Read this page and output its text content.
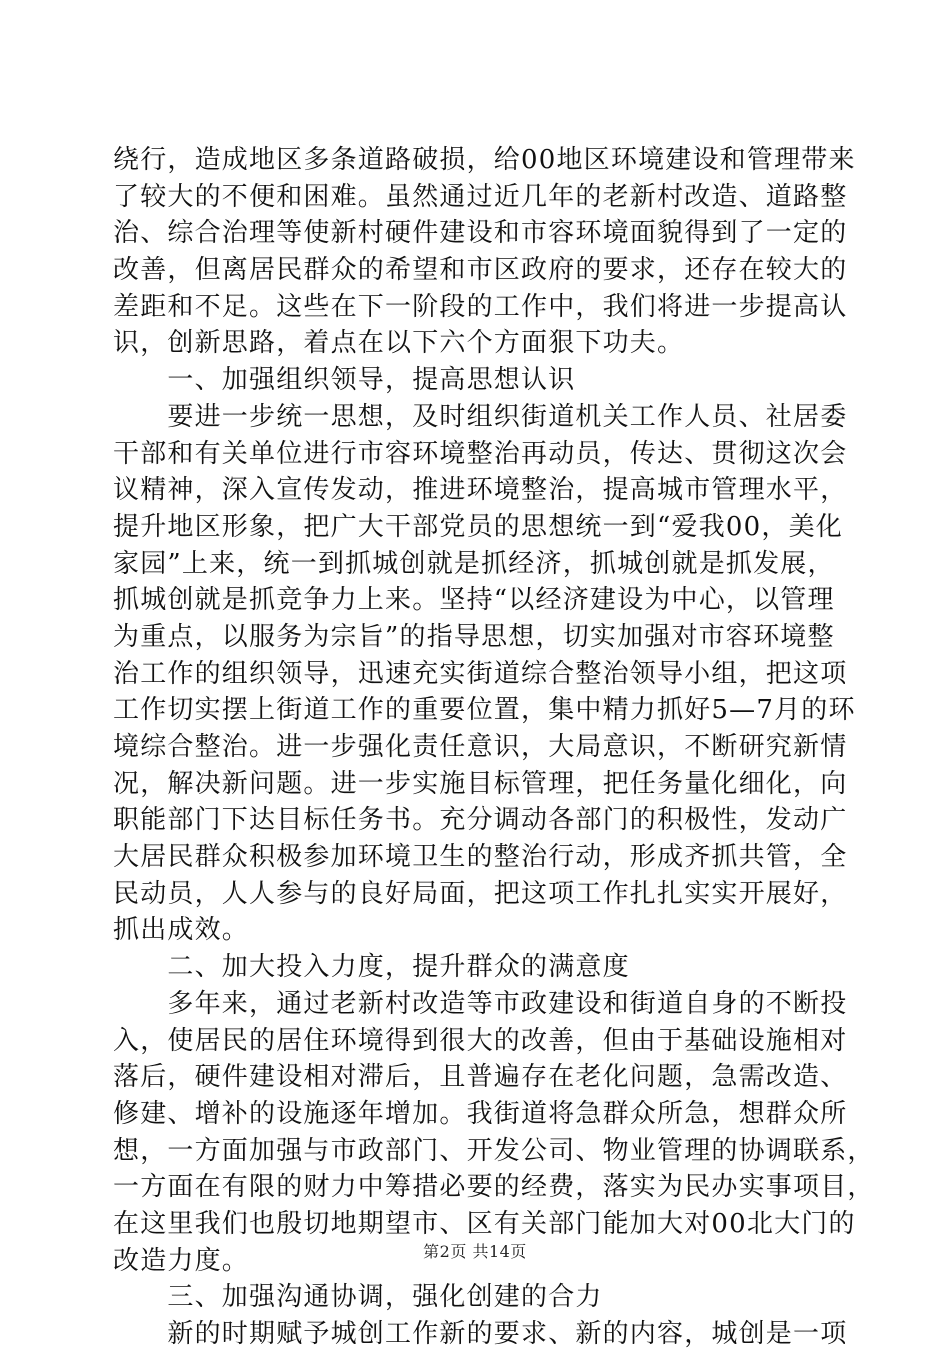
绕行，造成地区多条道路破损，给00地区环境建设和管理带来
了较大的不便和困难。虽然通过近几年的老新村改造、道路整
治、综合治理等使新村硬件建设和市容环境面貌得到了一定的
改善，但离居民群众的希望和市区政府的要求，还存在较大的
差距和不足。这些在下一阶段的工作中，我们将进一步提高认
识，创新思路，着点在以下六个方面狠下功夫。
　　一、加强组织领导，提高思想认识
　　要进一步统一思想，及时组织街道机关工作人员、社居委
干部和有关单位进行市容环境整治再动员，传达、贯彻这次会
议精神，深入宣传发动，推进环境整治，提高城市管理水平，
提升地区形象，把广大干部党员的思想统一到“爱我00，美化
家园”上来，统一到抓城创就是抓经济，抓城创就是抓发展，
抓城创就是抓竞争力上来。坚持“以经济建设为中心，以管理
为重点，以服务为宗旨”的指导思想，切实加强对市容环境整
治工作的组织领导，迅速充实街道综合整治领导小组，把这项
工作切实摆上街道工作的重要位置，集中精力抓好5—7月的环
境综合整治。进一步强化责任意识，大局意识，不断研究新情
况，解决新问题。进一步实施目标管理，把任务量化细化，向
职能部门下达目标任务书。充分调动各部门的积极性，发动广
大居民群众积极参加环境卫生的整治行动，形成齐抓共管，全
民动员，人人参与的良好局面，把这项工作扎扎实实开展好，
抓出成效。
　　二、加大投入力度，提升群众的满意度
　　多年来，通过老新村改造等市政建设和街道自身的不断投
入，使居民的居住环境得到很大的改善，但由于基础设施相对
落后，硬件建设相对滞后，且普遍存在老化问题，急需改造、
修建、增补的设施逐年增加。我街道将急群众所急，想群众所
想，一方面加强与市政部门、开发公司、物业管理的协调联系，
一方面在有限的财力中筹措必要的经费，落实为民办实事项目，
在这里我们也殷切地期望市、区有关部门能加大对00北大门的
改造力度。
　　三、加强沟通协调，强化创建的合力
　　新的时期赋予城创工作新的要求、新的内容，城创是一项
第2页 共14页
